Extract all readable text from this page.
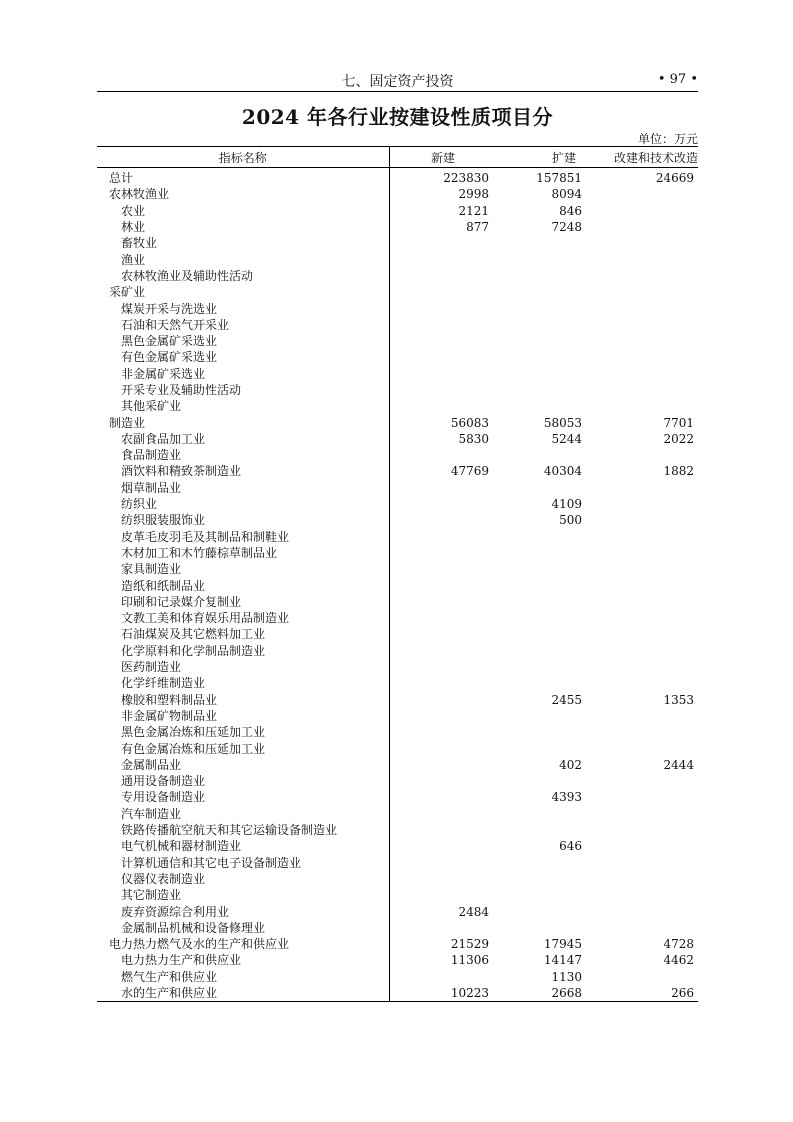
七、固定资产投资	• 97 •
2024 年各行业按建设性质项目分
单位：万元
指标名称	新建	扩建	改建和技术改造
总计	223830	157851	24669
农林牧渔业	2998	8094	
农业	2121	846	
林业	877	7248	
畜牧业			
渔业			
农林牧渔业及辅助性活动			
采矿业			
煤炭开采与洗选业			
石油和天然气开采业			
黑色金属矿采选业			
有色金属矿采选业			
非金属矿采选业			
开采专业及辅助性活动			
其他采矿业			
制造业	56083	58053	7701
农副食品加工业	5830	5244	2022
食品制造业			
酒饮料和精致茶制造业	47769	40304	1882
烟草制品业			
纺织业		4109	
纺织服装服饰业		500	
皮革毛皮羽毛及其制品和制鞋业			
木材加工和木竹藤棕草制品业			
家具制造业			
造纸和纸制品业			
印刷和记录媒介复制业			
文教工美和体育娱乐用品制造业			
石油煤炭及其它燃料加工业			
化学原料和化学制品制造业			
医药制造业			
化学纤维制造业			
橡胶和塑料制品业		2455	1353
非金属矿物制品业			
黑色金属冶炼和压延加工业			
有色金属冶炼和压延加工业			
金属制品业		402	2444
通用设备制造业			
专用设备制造业		4393	
汽车制造业			
铁路传播航空航天和其它运输设备制造业			
电气机械和器材制造业		646	
计算机通信和其它电子设备制造业			
仪器仪表制造业			
其它制造业			
废弃资源综合利用业	2484		
金属制品机械和设备修理业			
电力热力燃气及水的生产和供应业	21529	17945	4728
电力热力生产和供应业	11306	14147	4462
燃气生产和供应业		1130	
水的生产和供应业	10223	2668	266
